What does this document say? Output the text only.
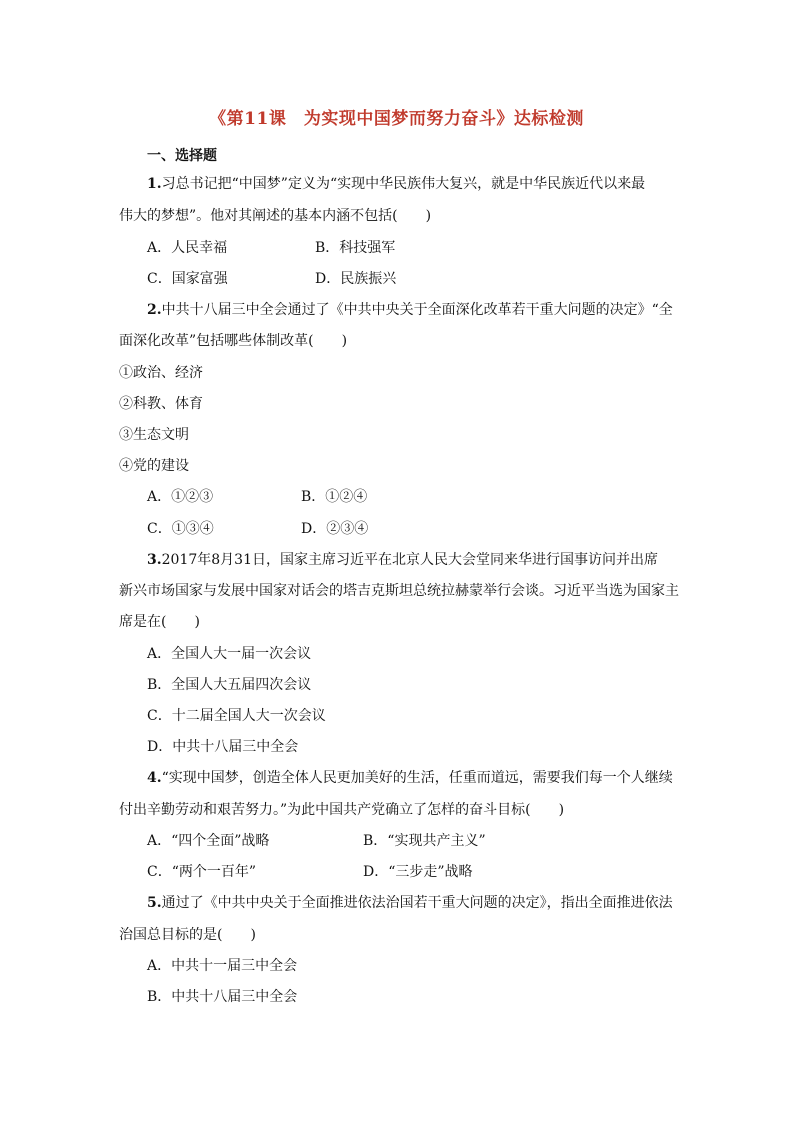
《第11课　为实现中国梦而努力奋斗》达标检测
一、选择题
1.习总书记把“中国梦”定义为“实现中华民族伟大复兴，就是中华民族近代以来最
伟大的梦想”。他对其阐述的基本内涵不包括(　　)
A．人民幸福	B．科技强军
C．国家富强	D．民族振兴
2.中共十八届三中全会通过了《中共中央关于全面深化改革若干重大问题的决定》“全
面深化改革”包括哪些体制改革(　　)
①政治、经济
②科教、体育
③生态文明
④党的建设
A．①②③	B．①②④
C．①③④	D．②③④
3.2017年8月31日，国家主席习近平在北京人民大会堂同来华进行国事访问并出席
新兴市场国家与发展中国家对话会的塔吉克斯坦总统拉赫蒙举行会谈。习近平当选为国家主
席是在(　　)
A．全国人大一届一次会议
B．全国人大五届四次会议
C．十二届全国人大一次会议
D．中共十八届三中全会
4.“实现中国梦，创造全体人民更加美好的生活，任重而道远，需要我们每一个人继续
付出辛勤劳动和艰苦努力。”为此中国共产党确立了怎样的奋斗目标(　　)
A．“四个全面”战略	B．“实现共产主义”
C．“两个一百年”	D．“三步走”战略
5.通过了《中共中央关于全面推进依法治国若干重大问题的决定》，指出全面推进依法
治国总目标的是(　　)
A．中共十一届三中全会
B．中共十八届三中全会
